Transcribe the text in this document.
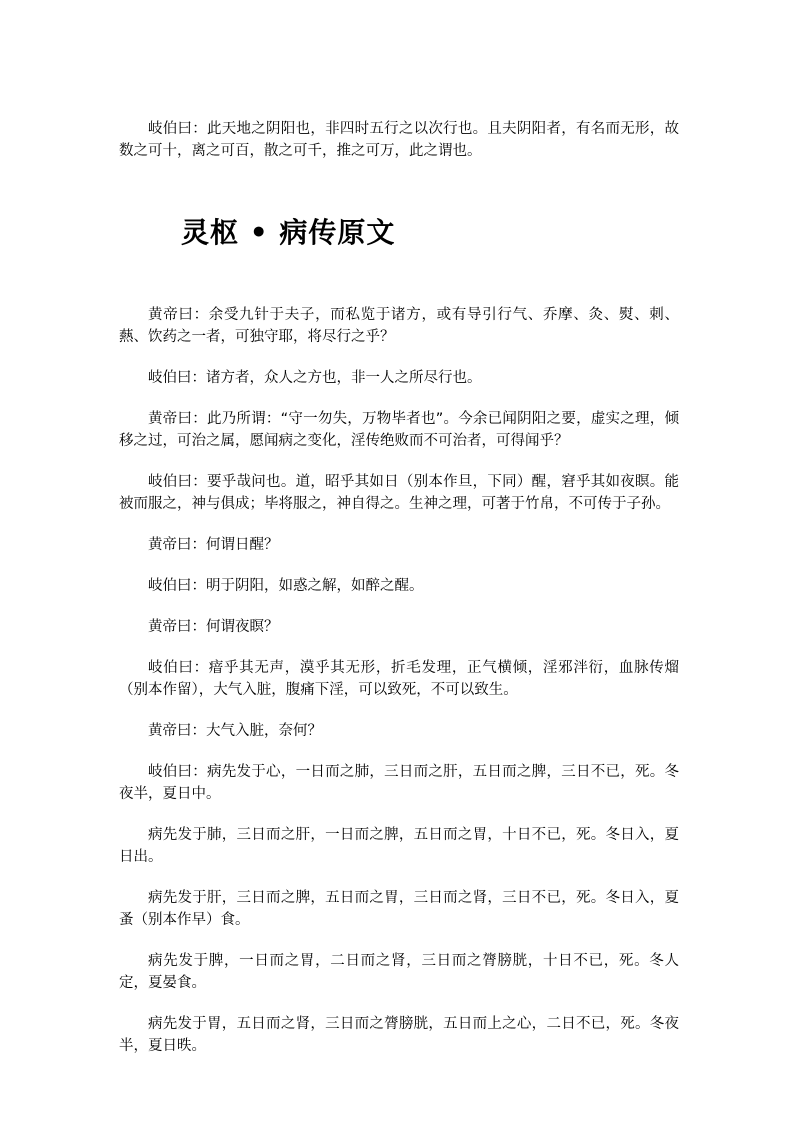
岐伯曰：此天地之阴阳也，非四时五行之以次行也。且夫阴阳者，有名而无形，故数之可十，离之可百，散之可千，推之可万，此之谓也。

灵枢 • 病传原文

黄帝曰：余受九针于夫子，而私览于诸方，或有导引行气、乔摩、灸、熨、刺、爇、饮药之一者，可独守耶，将尽行之乎？

岐伯曰：诸方者，众人之方也，非一人之所尽行也。

黄帝曰：此乃所谓：“守一勿失，万物毕者也”。今余已闻阴阳之要，虚实之理，倾移之过，可治之属，愿闻病之变化，淫传绝败而不可治者，可得闻乎？

岐伯曰：要乎哉问也。道，昭乎其如日（别本作旦，下同）醒，窘乎其如夜瞑。能被而服之，神与俱成；毕将服之，神自得之。生神之理，可著于竹帛，不可传于子孙。

黄帝曰：何谓日醒？

岐伯曰：明于阴阳，如惑之解，如醉之醒。

黄帝曰：何谓夜瞑？

岐伯曰：瘖乎其无声，漠乎其无形，折毛发理，正气横倾，淫邪泮衍，血脉传熘（别本作留），大气入脏，腹痛下淫，可以致死，不可以致生。

黄帝曰：大气入脏，奈何？

岐伯曰：病先发于心，一日而之肺，三日而之肝，五日而之脾，三日不已，死。冬夜半，夏日中。

病先发于肺，三日而之肝，一日而之脾，五日而之胃，十日不已，死。冬日入，夏日出。

病先发于肝，三日而之脾，五日而之胃，三日而之肾，三日不已，死。冬日入，夏蚤（别本作早）食。

病先发于脾，一日而之胃，二日而之肾，三日而之膂膀胱，十日不已，死。冬人定，夏晏食。

病先发于胃，五日而之肾，三日而之膂膀胱，五日而上之心，二日不已，死。冬夜半，夏日昳。
